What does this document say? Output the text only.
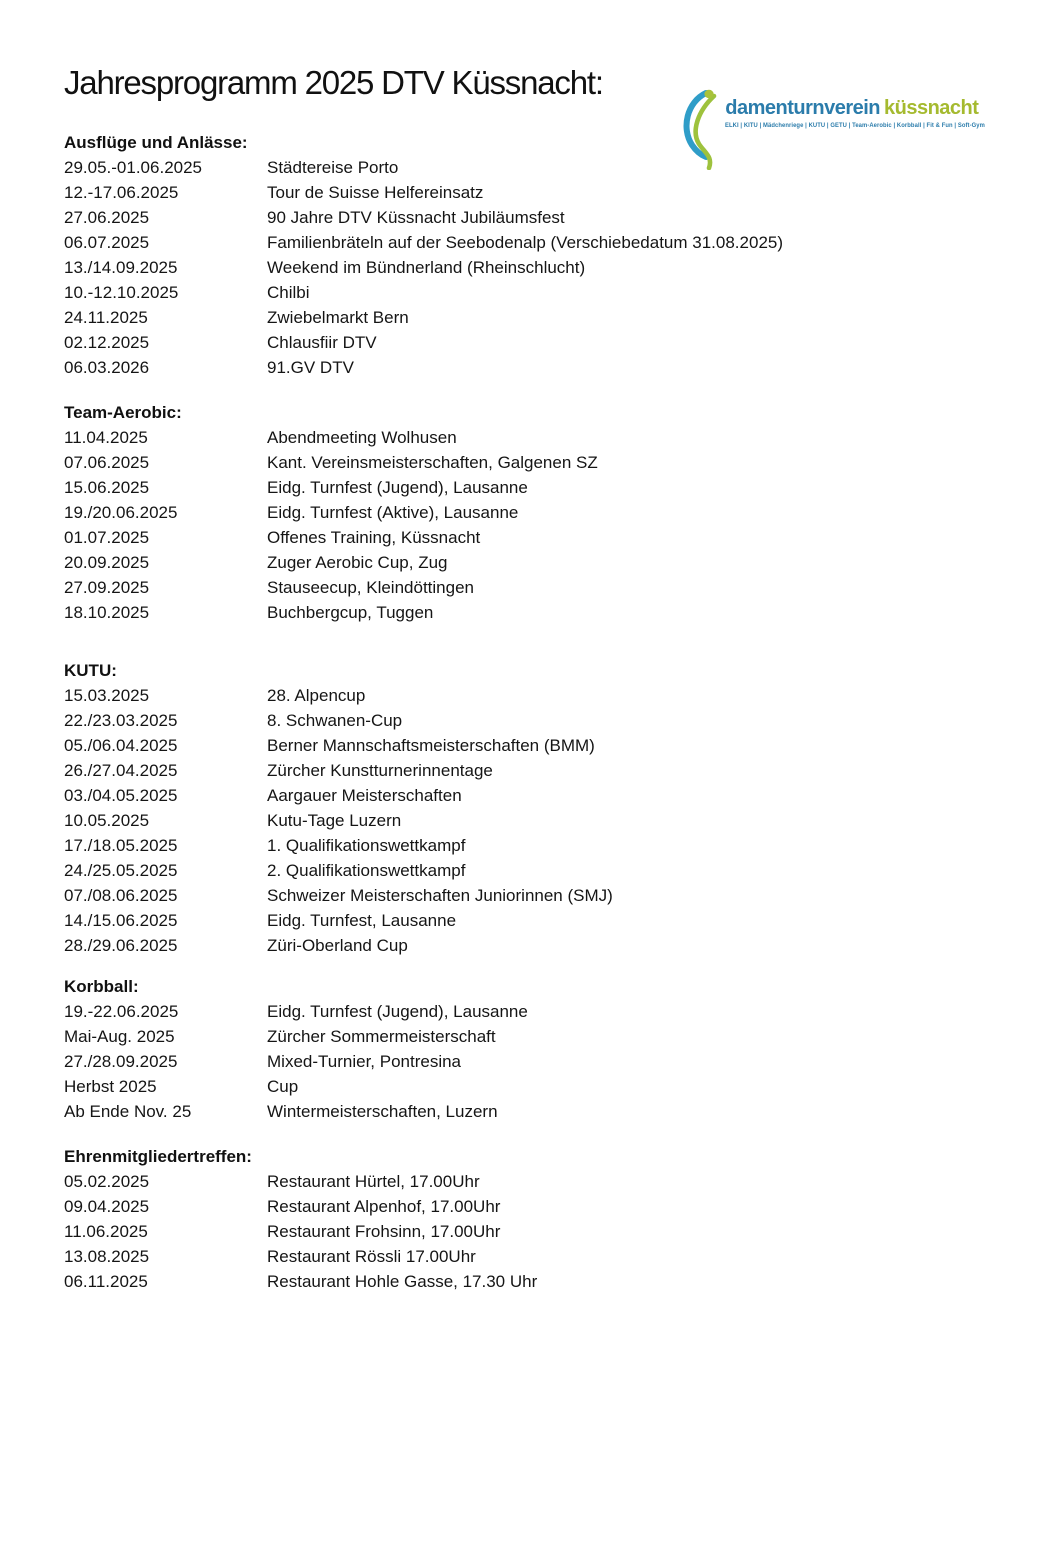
damenturnverein küssnacht
ELKI | KITU | Mädchenriege | KUTU | GETU | Team-Aerobic | Korbball | Fit & Fun | Soft-Gym
Jahresprogramm 2025 DTV Küssnacht:
Ausflüge und Anlässe:
29.05.-01.06.2025	Städtereise Porto
12.-17.06.2025	Tour de Suisse Helfereinsatz
27.06.2025	90 Jahre DTV Küssnacht Jubiläumsfest
06.07.2025	Familienbräteln auf der Seebodenalp (Verschiebedatum 31.08.2025)
13./14.09.2025	Weekend im Bündnerland (Rheinschlucht)
10.-12.10.2025	Chilbi
24.11.2025	Zwiebelmarkt Bern
02.12.2025	Chlausfiir DTV
06.03.2026	91.GV DTV
Team-Aerobic:
11.04.2025	Abendmeeting Wolhusen
07.06.2025	Kant. Vereinsmeisterschaften, Galgenen SZ
15.06.2025	Eidg. Turnfest (Jugend), Lausanne
19./20.06.2025	Eidg. Turnfest (Aktive), Lausanne
01.07.2025	Offenes Training, Küssnacht
20.09.2025	Zuger Aerobic Cup, Zug
27.09.2025	Stauseecup, Kleindöttingen
18.10.2025	Buchbergcup, Tuggen
KUTU:
15.03.2025	28. Alpencup
22./23.03.2025	8. Schwanen-Cup
05./06.04.2025	Berner Mannschaftsmeisterschaften (BMM)
26./27.04.2025	Zürcher Kunstturnerinnentage
03./04.05.2025	Aargauer Meisterschaften
10.05.2025	Kutu-Tage Luzern
17./18.05.2025	1. Qualifikationswettkampf
24./25.05.2025	2. Qualifikationswettkampf
07./08.06.2025	Schweizer Meisterschaften Juniorinnen (SMJ)
14./15.06.2025	Eidg. Turnfest, Lausanne
28./29.06.2025	Züri-Oberland Cup
Korbball:
19.-22.06.2025	Eidg. Turnfest (Jugend), Lausanne
Mai-Aug. 2025	Zürcher Sommermeisterschaft
27./28.09.2025	Mixed-Turnier, Pontresina
Herbst 2025	Cup
Ab Ende Nov. 25	Wintermeisterschaften, Luzern
Ehrenmitgliedertreffen:
05.02.2025	Restaurant Hürtel, 17.00Uhr
09.04.2025	Restaurant Alpenhof, 17.00Uhr
11.06.2025	Restaurant Frohsinn, 17.00Uhr
13.08.2025	Restaurant Rössli 17.00Uhr
06.11.2025	Restaurant Hohle Gasse, 17.30 Uhr
